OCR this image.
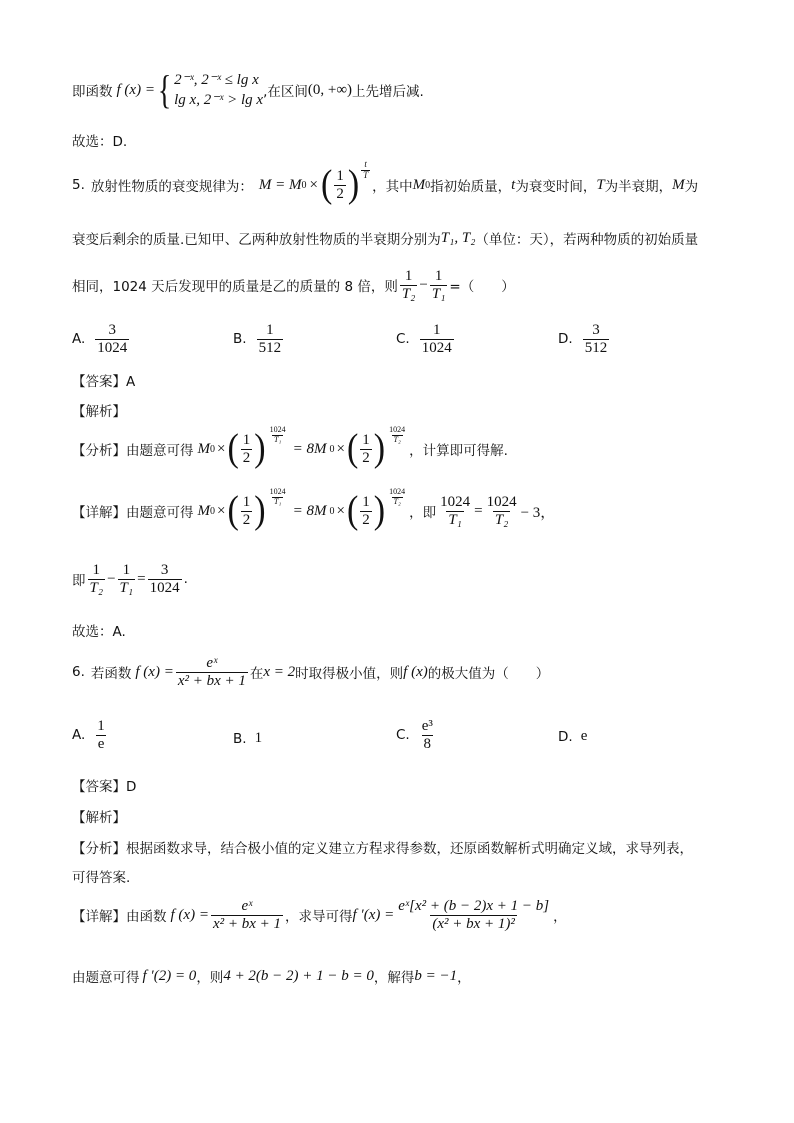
即函数 f (x) = { 2⁻ˣ, 2⁻ˣ ≤ lg x
lg x, 2⁻ˣ > lg x ,在区间 (0, +∞) 上先增后减.
故选：D.
5. 放射性物质的衰变规律为： M = M 0 × ( $\frac{1}{2}$ ) $\frac{t}{T}$
，其中 M 0 指初始质量， t 为衰变时间， T 为半衰期， M 为
衰变后剩余的质量.已知甲、乙两种放射性物质的半衰期分别为 T₁, T₂ （单位：天），若两种物质的初始质量
相同，1024 天后发现甲的质量是乙的质量的 8 倍，则 $\frac{1}{\text{T₂}} - \frac{1}{\text{T₁}}$ =（　　）
A. $\frac{3}{1024}$	B. $\frac{1}{512}$	C. $\frac{1}{1024}$	D. $\frac{3}{512}$
【答案】A
【解析】
【分析】 由题意可得 M 0 × ( $\frac{1}{2}$ ) $\frac{1024}{\text{T₁}}$
= 8M 0 × ( $\frac{1}{2}$ ) $\frac{1024}{\text{T₂}}$
，计算即可得解.
【详解】 由题意可得 M 0 × ( $\frac{1}{2}$ ) $\frac{1024}{\text{T₁}}$
= 8M 0 × ( $\frac{1}{2}$ ) $\frac{1024}{\text{T₂}}$
，即 $\frac{1024}{\text{T₁}} = \frac{1024}{\text{T₂}} - 3$，
即 $\frac{1}{\text{T₂}} - \frac{1}{\text{T₁}} = \frac{3}{1024}$ .
故选：A.
6. 若函数 f $(x) = \frac{\text{eˣ}}{\text{x² + bx + 1}}$ 在 x = 2 时取得极小值，则 f (x) 的极大值为（　　）
A. $\frac{1}{e}$	B. 1	C. $\frac{\text{e³}}{8}$	D. e
【答案】D
【解析】
【分析】根据函数求导，结合极小值的定义建立方程求得参数，还原函数解析式明确定义域，求导列表，
可得答案.
【详解】 由函数 f $(x) = \frac{\text{eˣ}}{\text{x² + bx + 1}}$ ，求导可得 f $'(x) = \frac{\text{eˣ[x² + (b − 2)x + 1 − b]}}{\text{(x² + bx + 1)²}}$ ，
由题意可得 f ′(2) = 0 ，则 4 + 2(b − 2) + 1 − b = 0 ，解得 b = −1 ，
